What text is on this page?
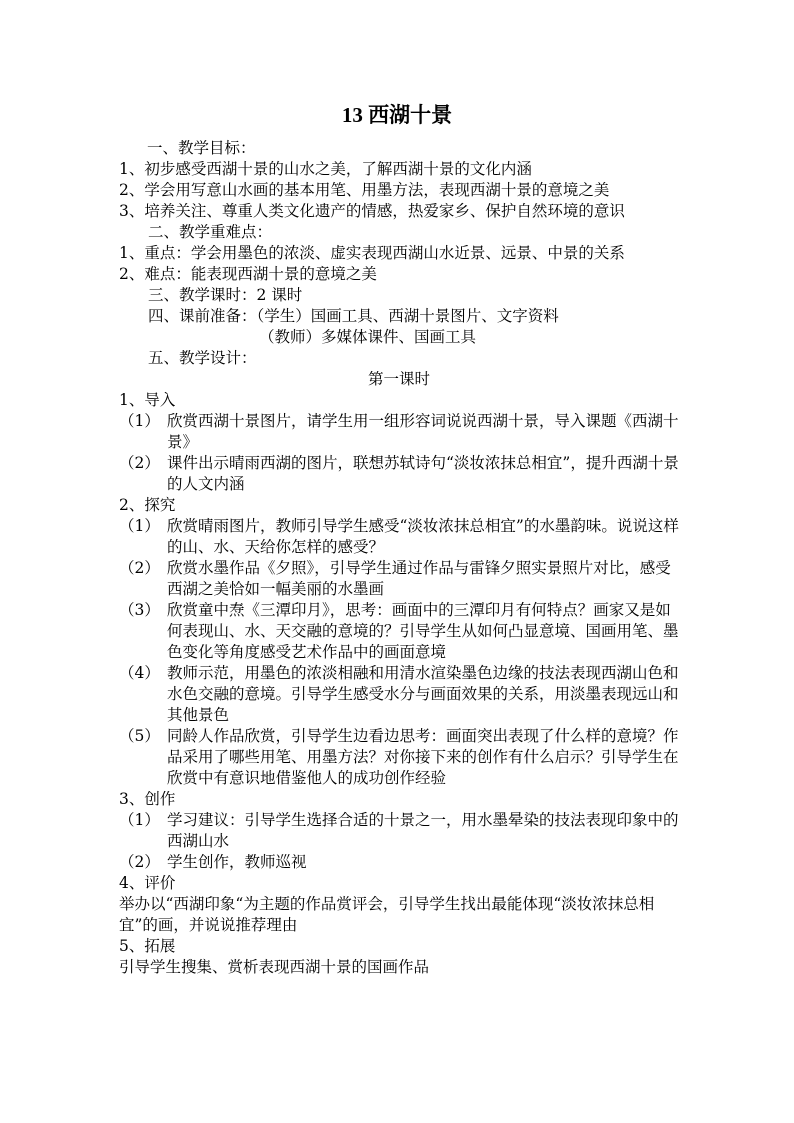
13 西湖十景
一、教学目标：
1、初步感受西湖十景的山水之美，了解西湖十景的文化内涵
2、学会用写意山水画的基本用笔、用墨方法，表现西湖十景的意境之美
3、培养关注、尊重人类文化遗产的情感，热爱家乡、保护自然环境的意识
二、教学重难点：
1、重点：学会用墨色的浓淡、虚实表现西湖山水近景、远景、中景的关系
2、难点：能表现西湖十景的意境之美
三、教学课时：2 课时
四、课前准备：（学生）国画工具、西湖十景图片、文字资料
（教师）多媒体课件、国画工具
五、教学设计：
第一课时
1、导入
（1） 欣赏西湖十景图片，请学生用一组形容词说说西湖十景，导入课题《西湖十景》
（2） 课件出示晴雨西湖的图片，联想苏轼诗句“淡妆浓抹总相宜”，提升西湖十景的人文内涵
2、探究
（1） 欣赏晴雨图片，教师引导学生感受“淡妆浓抹总相宜”的水墨韵味。说说这样的山、水、天给你怎样的感受？
（2） 欣赏水墨作品《夕照》，引导学生通过作品与雷锋夕照实景照片对比，感受西湖之美恰如一幅美丽的水墨画
（3） 欣赏童中焘《三潭印月》，思考：画面中的三潭印月有何特点？画家又是如何表现山、水、天交融的意境的？引导学生从如何凸显意境、国画用笔、墨色变化等角度感受艺术作品中的画面意境
（4） 教师示范，用墨色的浓淡相融和用清水渲染墨色边缘的技法表现西湖山色和水色交融的意境。引导学生感受水分与画面效果的关系，用淡墨表现远山和其他景色
（5） 同龄人作品欣赏，引导学生边看边思考：画面突出表现了什么样的意境？作品采用了哪些用笔、用墨方法？对你接下来的创作有什么启示？引导学生在欣赏中有意识地借鉴他人的成功创作经验
3、创作
（1） 学习建议：引导学生选择合适的十景之一，用水墨晕染的技法表现印象中的西湖山水
（2） 学生创作，教师巡视
4、评价
举办以“西湖印象“为主题的作品赏评会，引导学生找出最能体现“淡妆浓抹总相宜”的画，并说说推荐理由
5、拓展
引导学生搜集、赏析表现西湖十景的国画作品
